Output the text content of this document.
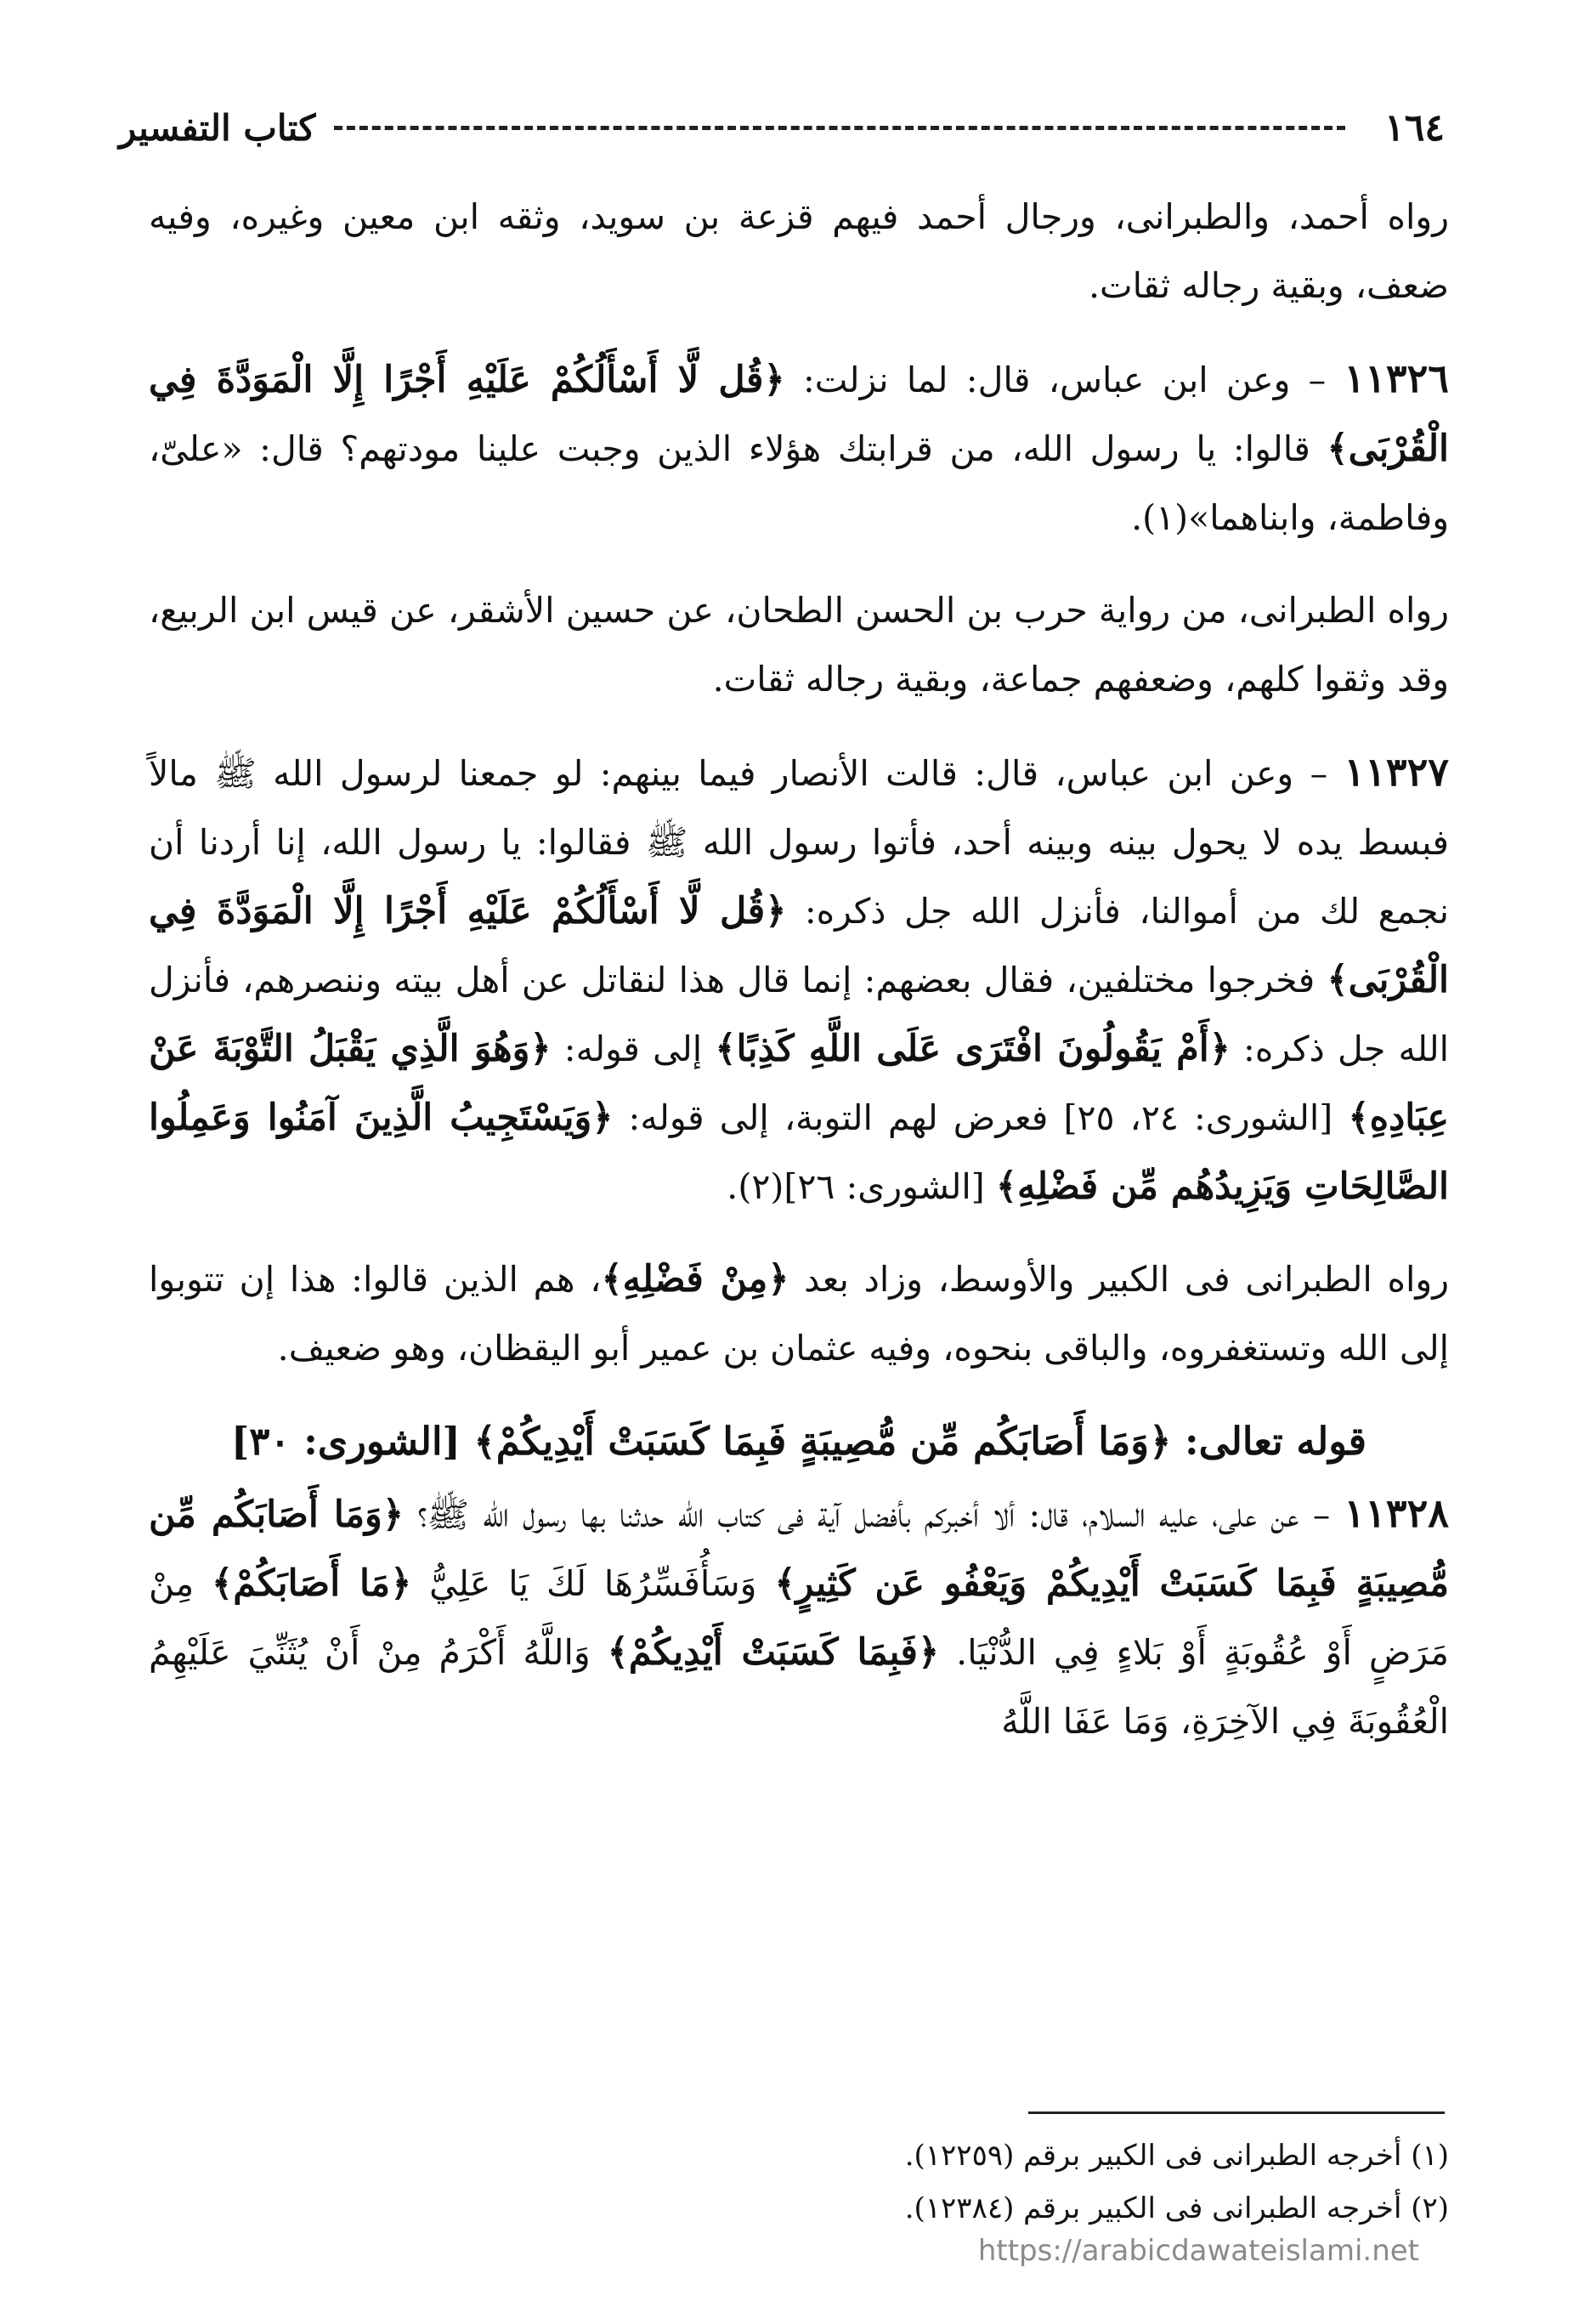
١٦٤
كتاب التفسير

رواه أحمد، والطبرانى، ورجال أحمد فيهم قزعة بن سويد، وثقه ابن معين وغيره، وفيه ضعف، وبقية رجاله ثقات.

١١٣٢٦ – وعن ابن عباس، قال: لما نزلت: ﴿قُل لَّا أَسْأَلُكُمْ عَلَيْهِ أَجْرًا إِلَّا الْمَوَدَّةَ فِي الْقُرْبَى﴾ قالوا: يا رسول الله، من قرابتك هؤلاء الذين وجبت علينا مودتهم؟ قال: «علىّ، وفاطمة، وابناهما»(١).

رواه الطبرانى، من رواية حرب بن الحسن الطحان، عن حسين الأشقر، عن قيس ابن الربيع، وقد وثقوا كلهم، وضعفهم جماعة، وبقية رجاله ثقات.

١١٣٢٧ – وعن ابن عباس، قال: قالت الأنصار فيما بينهم: لو جمعنا لرسول الله ﷺ مالاً فبسط يده لا يحول بينه وبينه أحد، فأتوا رسول الله ﷺ فقالوا: يا رسول الله، إنا أردنا أن نجمع لك من أموالنا، فأنزل الله جل ذكره: ﴿قُل لَّا أَسْأَلُكُمْ عَلَيْهِ أَجْرًا إِلَّا الْمَوَدَّةَ فِي الْقُرْبَى﴾ فخرجوا مختلفين، فقال بعضهم: إنما قال هذا لنقاتل عن أهل بيته وننصرهم، فأنزل الله جل ذكره: ﴿أَمْ يَقُولُونَ افْتَرَى عَلَى اللَّهِ كَذِبًا﴾ إلى قوله: ﴿وَهُوَ الَّذِي يَقْبَلُ التَّوْبَةَ عَنْ عِبَادِهِ﴾ [الشورى: ٢٤، ٢٥] فعرض لهم التوبة، إلى قوله: ﴿وَيَسْتَجِيبُ الَّذِينَ آمَنُوا وَعَمِلُوا الصَّالِحَاتِ وَيَزِيدُهُم مِّن فَضْلِهِ﴾ [الشورى: ٢٦](٢).

رواه الطبرانى فى الكبير والأوسط، وزاد بعد ﴿مِنْ فَضْلِهِ﴾، هم الذين قالوا: هذا إن تتوبوا إلى الله وتستغفروه، والباقى بنحوه، وفيه عثمان بن عمير أبو اليقظان، وهو ضعيف.

قوله تعالى: ﴿وَمَا أَصَابَكُم مِّن مُّصِيبَةٍ فَبِمَا كَسَبَتْ أَيْدِيكُمْ﴾ [الشورى: ٣٠]

١١٣٢٨ – عن على، عليه السلام، قال: ألا أخبركم بأفضل آية فى كتاب الله حدثنا بها رسول الله ﷺ؟ ﴿وَمَا أَصَابَكُم مِّن مُّصِيبَةٍ فَبِمَا كَسَبَتْ أَيْدِيكُمْ وَيَعْفُو عَن كَثِيرٍ﴾ وَسَأُفَسِّرُهَا لَكَ يَا عَلِيُّ ﴿مَا أَصَابَكُمْ﴾ مِنْ مَرَضٍ أَوْ عُقُوبَةٍ أَوْ بَلاءٍ فِي الدُّنْيَا. ﴿فَبِمَا كَسَبَتْ أَيْدِيكُمْ﴾ وَاللَّهُ أَكْرَمُ مِنْ أَنْ يُثَنِّيَ عَلَيْهِمُ الْعُقُوبَةَ فِي الآخِرَةِ، وَمَا عَفَا اللَّهُ

(١) أخرجه الطبرانى فى الكبير برقم (١٢٢٥٩).
(٢) أخرجه الطبرانى فى الكبير برقم (١٢٣٨٤).
https://arabicdawateislami.net
